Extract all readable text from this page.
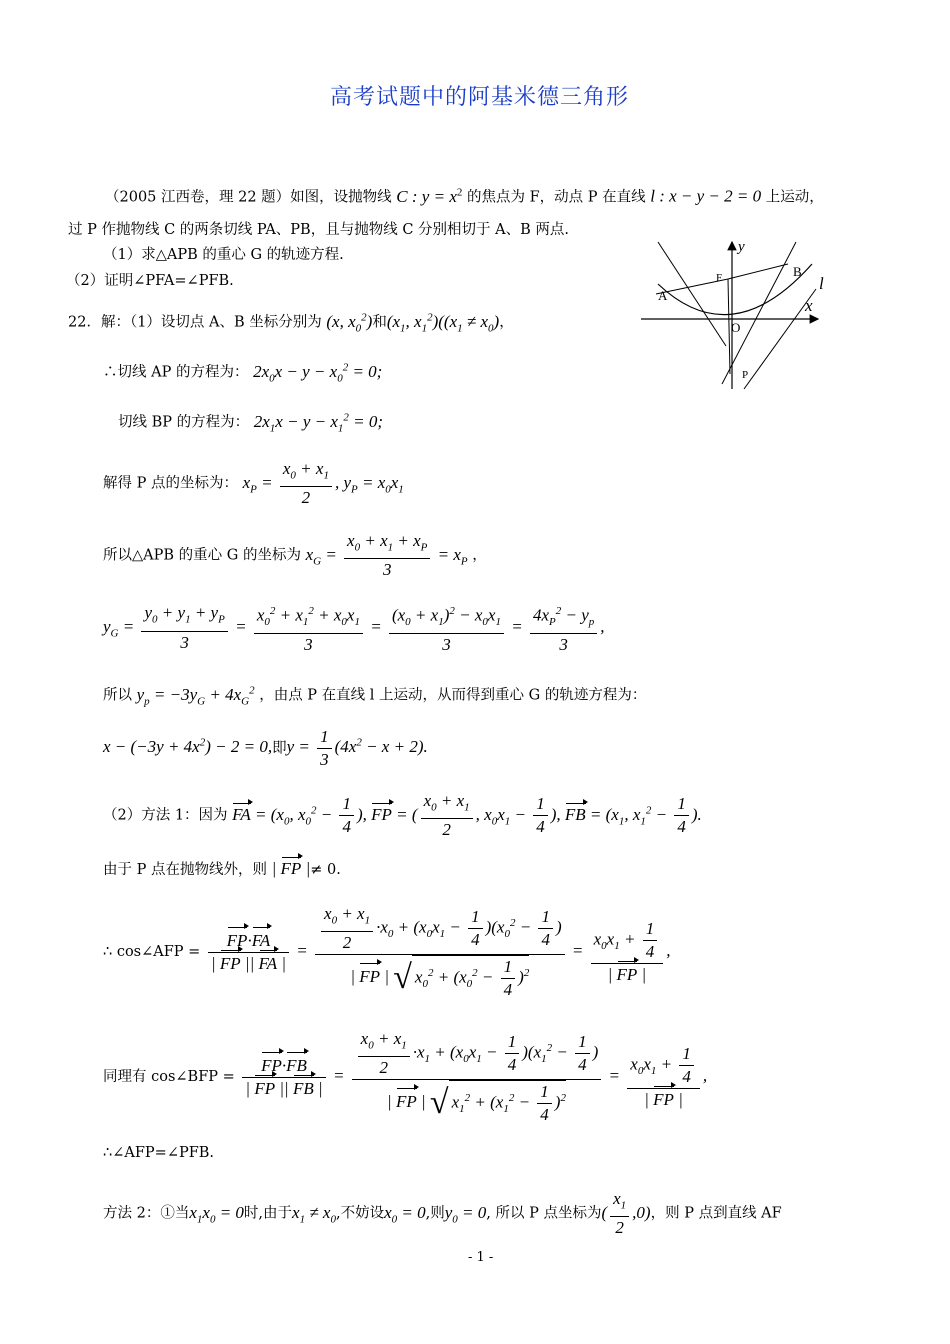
高考试题中的阿基米德三角形
（2005 江西卷，理 22 题）如图，设抛物线 C : $y = x^2$ 的焦点为 F，动点 P 在直线 l : x − y − 2 = 0 上运动，
过 P 作抛物线 C 的两条切线 PA、PB，且与抛物线 C 分别相切于 A、B 两点.
（1）求△APB 的重心 G 的轨迹方程.
（2）证明∠PFA=∠PFB.
y
B
F	l
A
x
O
P
22．解：（1）设切点 A、B 坐标分别为 (x, $x_0^2$)和($x_1$, $x_1^2)((x_1 \ne x_0)$，
∴切线 AP 的方程为： $2x_0x - y - x_0^2 = 0$;
切线 BP 的方程为： $2x_1x - y - x_1^2 = 0$;
解得 P 点的坐标为： $x_P = \frac{x_0 + x_1}{2}$ , $y_P = x_0x_1$
所以△APB 的重心 G 的坐标为 $x_G = \frac{x_0 + x_1 + x_P}{3} = x_P$ ，
$y_G = \frac{y_0 + y_1 + y_P}{3} = \frac{x_0^2 + x_1^2 + x_0x_1}{3} = \frac{(x_0 + x_1)^2 - x_0x_1}{3} = \frac{4x_P^2 - y_p}{3}$ ,
所以 $y_p = -3y_G + 4x_G^2$ ，由点 P 在直线 l 上运动，从而得到重心 G 的轨迹方程为：
$x - (-3y + 4x^2) - 2 = 0$,即$y = \frac{1}{3} (4x^2 - x + 2)$.
（2）方法 1：因为 FA = ($x_0$, $x_0^2 - \frac{1}{4}$ ), FP = ( $\frac{x_0 + x_1}{2}$ , $x_0x_1 - \frac{1}{4}$ ), FB = ($x_1$, $x_1^2 - \frac{1}{4}$ ).
由于 P 点在抛物线外，则 | FP |≠ 0.
∴ cos∠AFP = $\frac{FP\cdot FA}{| FP || FA |} = \frac{\frac{x_0 + x_1}{2} \cdot x_0 + (x_0x_1 - \frac{1}{4} )(x_0^2 - \frac{1}{4} )}{| FP | √ x_0^2 + (x_0^2 - \frac{1}{4} )^2} = \frac{x_0x_1 + \frac{1}{4}}{| FP |}$ ,
同理有 cos∠BFP = $\frac{FP\cdot FB}{| FP || FB |} = \frac{\frac{x_0 + x_1}{2} \cdot x_1 + (x_0x_1 - \frac{1}{4} )(x_1^2 - \frac{1}{4} )}{| FP | √ x_1^2 + (x_1^2 - \frac{1}{4} )^2} = \frac{x_0x_1 + \frac{1}{4}}{| FP |}$ ,
∴∠AFP=∠PFB.
方法 2：①当$x_1x_0 = 0$时,由于$x_1 \ne x_0$,不妨设$x_0 = 0$,则$y_0 = 0$, 所以 P 点坐标为( $\frac{x_1}{2} ,0$)，则 P 点到直线 AF
- 1 -
